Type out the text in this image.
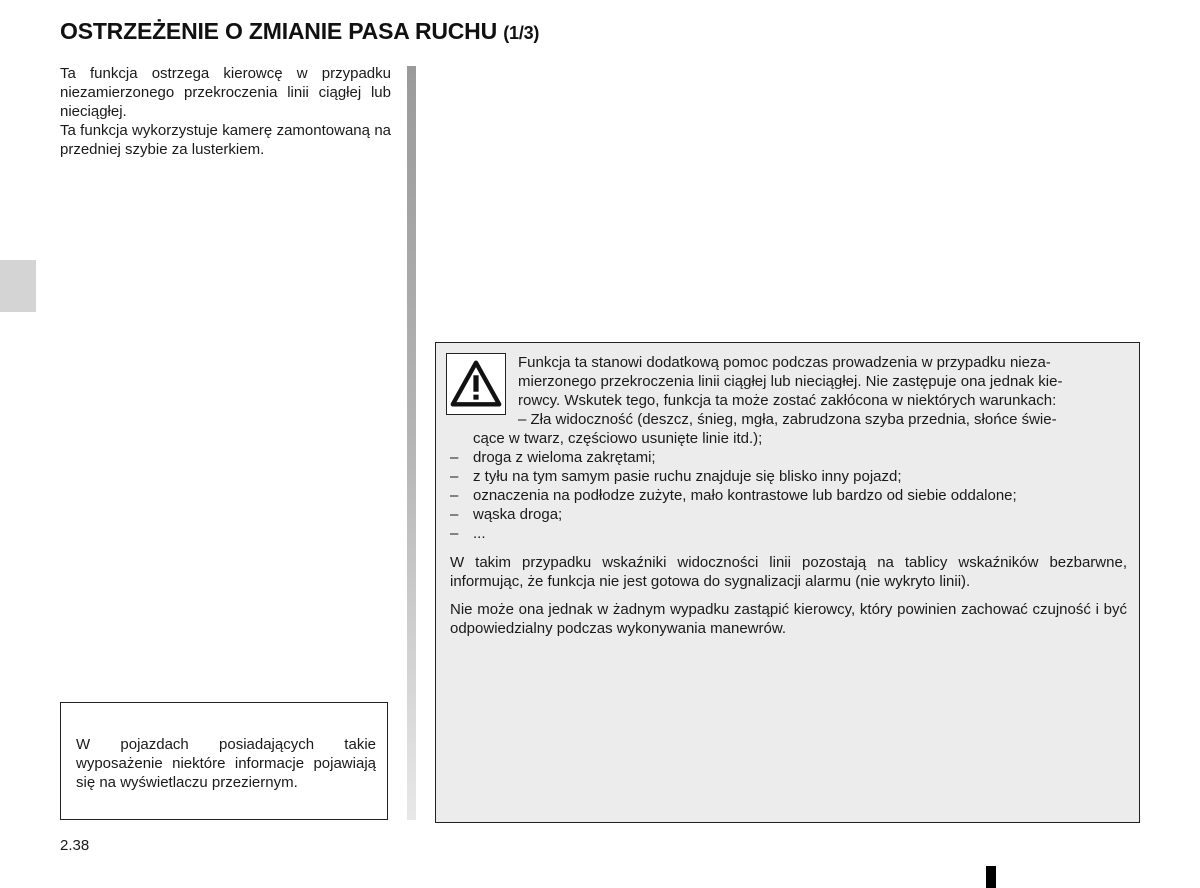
OSTRZEŻENIE O ZMIANIE PASA RUCHU (1/3)

Ta funkcja ostrzega kierowcę w przypadku niezamierzonego przekroczenia linii ciągłej lub nieciągłej.

Ta funkcja wykorzystuje kamerę zamontowaną na przedniej szybie za lusterkiem.

W pojazdach posiadających takie wyposażenie niektóre informacje pojawiają się na wyświetlaczu przeziernym.

Funkcja ta stanowi dodatkową pomoc podczas prowadzenia w przypadku nieza-
mierzonego przekroczenia linii ciągłej lub nieciągłej. Nie zastępuje ona jednak kie-
rowcy. Wskutek tego, funkcja ta może zostać zakłócona w niektórych warunkach:
– Zła widoczność (deszcz, śnieg, mgła, zabrudzona szyba przednia, słońce świe-

cące w twarz, częściowo usunięte linie itd.);
– droga z wieloma zakrętami;
– z tyłu na tym samym pasie ruchu znajduje się blisko inny pojazd;
– oznaczenia na podłodze zużyte, mało kontrastowe lub bardzo od siebie oddalone;
– wąska droga;
– ...

W takim przypadku wskaźniki widoczności linii pozostają na tablicy wskaźników bezbarwne, informując, że funkcja nie jest gotowa do sygnalizacji alarmu (nie wykryto linii).

Nie może ona jednak w żadnym wypadku zastąpić kierowcy, który powinien zachować czujność i być odpowiedzialny podczas wykonywania manewrów.

2.38
